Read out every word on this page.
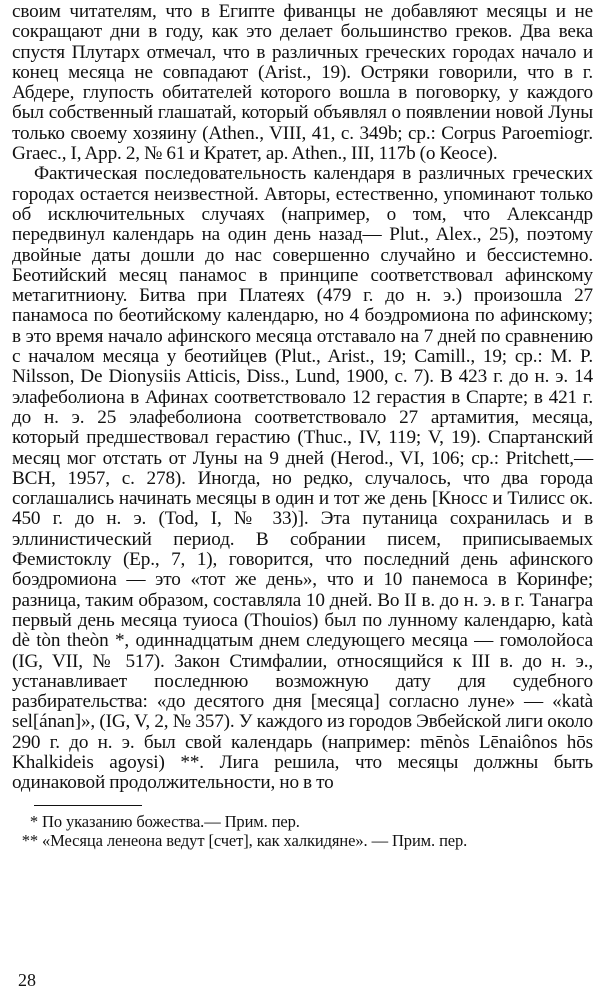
своим читателям, что в Египте фиванцы не добавляют месяцы и не сокращают дни в году, как это делает большинство греков. Два века спустя Плутарх отмечал, что в различных греческих городах начало и конец месяца не совпадают (Arist., 19). Остряки говорили, что в г. Абдере, глупость обитателей которого вошла в поговорку, у каждого был собственный глашатай, который объявлял о появлении новой Луны только своему хозяину (Athen., VIII, 41, с. 349b; ср.: Corpus Paroemiogr. Graec., I, App. 2, № 61 и Кратет, ap. Athen., III, 117b (о Кеосе).

Фактическая последовательность календаря в различных греческих городах остается неизвестной. Авторы, естественно, упоминают только об исключительных случаях (например, о том, что Александр передвинул календарь на один день назад— Plut., Alex., 25), поэтому двойные даты дошли до нас совершенно случайно и бессистемно. Беотийский месяц панамос в принципе соответствовал афинскому метагитниону. Битва при Платеях (479 г. до н. э.) произошла 27 панамоса по беотийскому календарю, но 4 боэдромиона по афинскому; в это время начало афинского месяца отставало на 7 дней по сравнению с началом месяца у беотийцев (Plut., Arist., 19; Camill., 19; ср.: M. P. Nilsson, De Dionysiis Atticis, Diss., Lund, 1900, с. 7). В 423 г. до н. э. 14 элафеболиона в Афинах соответствовало 12 герастия в Спарте; в 421 г. до н. э. 25 элафеболиона соответствовало 27 артамития, месяца, который предшествовал герастию (Thuc., IV, 119; V, 19). Спартанский месяц мог отстать от Луны на 9 дней (Herod., VI, 106; ср.: Pritchett,— BCH, 1957, с. 278). Иногда, но редко, случалось, что два города соглашались начинать месяцы в один и тот же день [Кносс и Тилисс ок. 450 г. до н. э. (Tod, I, № 33)]. Эта путаница сохранилась и в эллинистический период. В собрании писем, приписываемых Фемистоклу (Ep., 7, 1), говорится, что последний день афинского боэдромиона — это «тот же день», что и 10 панемоса в Коринфе; разница, таким образом, составляла 10 дней. Во II в. до н. э. в г. Танагра первый день месяца туиоса (Thouios) был по лунному календарю, katà dè tòn theòn *, одиннадцатым днем следующего месяца — гомолойоса (IG, VII, № 517). Закон Стимфалии, относящийся к III в. до н. э., устанавливает последнюю возможную дату для судебного разбирательства: «до десятого дня [месяца] согласно луне» — «katà sel[ánan]», (IG, V, 2, № 357). У каждого из городов Эвбейской лиги около 290 г. до н. э. был свой календарь (например: mēnòs Lēnaiônos hōs Khalkideis agoysi) **. Лига решила, что месяцы должны быть одинаковой продолжительности, но в то

* По указанию божества.— Прим. пер.

** «Месяца ленеона ведут [счет], как халкидяне». — Прим. пер.

28
